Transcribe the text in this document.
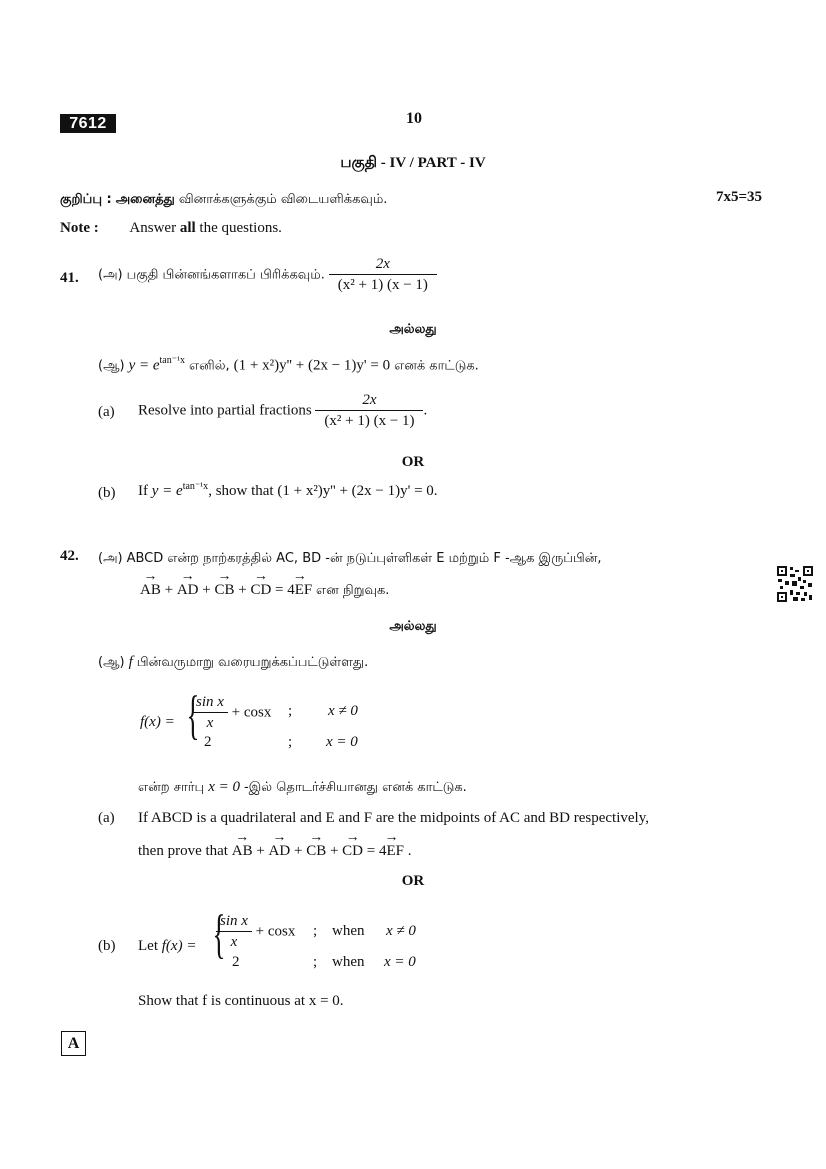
7612	10
பகுதி - IV / PART - IV
குறிப்பு : அனைத்து வினாக்களுக்கும் விடையளிக்கவும்.	7x5=35
Note : Answer all the questions.
41. (அ) பகுதி பின்னங்களாகப் பிரிக்கவும். $\frac{2x}{\text{(x² + 1) (x − 1)}}$
அல்லது
(ஆ) $y = e^{tan^{-1}x}$ எனில், (1 + x²)y'' + (2x − 1)y' = 0 எனக் காட்டுக.
(a) Resolve into partial fractions $\frac{2x}{\text{(x² + 1) (x − 1)}}$ .
OR
(b) If $y = e^{tan^{-1}x}$, show that (1 + x²)y'' + (2x − 1)y' = 0.
42. (அ) ABCD என்ற நாற்கரத்தில் AC, BD -ன் நடுப்புள்ளிகள் E மற்றும் F -ஆக இருப்பின்,
→ AB + → AD + → CB + → CD = → 4EF என நிறுவுக.
அல்லது
(ஆ) f பின்வருமாறு வரையறுக்கப்பட்டுள்ளது.
f(x) = {
$\frac{\text{sin x}}{x} + \cos x$ ; x ≠ 0
2	; x = 0
என்ற சார்பு x = 0 -இல் தொடர்ச்சியானது எனக் காட்டுக.
(a) If ABCD is a quadrilateral and E and F are the midpoints of AC and BD respectively,
then prove that → AB + → AD + → CB + → CD = → 4EF .
OR
(b) Let f(x) = {
$\frac{\text{sin x}}{x} + \cos x$ ; when x ≠ 0
2	; when x = 0
Show that f is continuous at x = 0.
A
